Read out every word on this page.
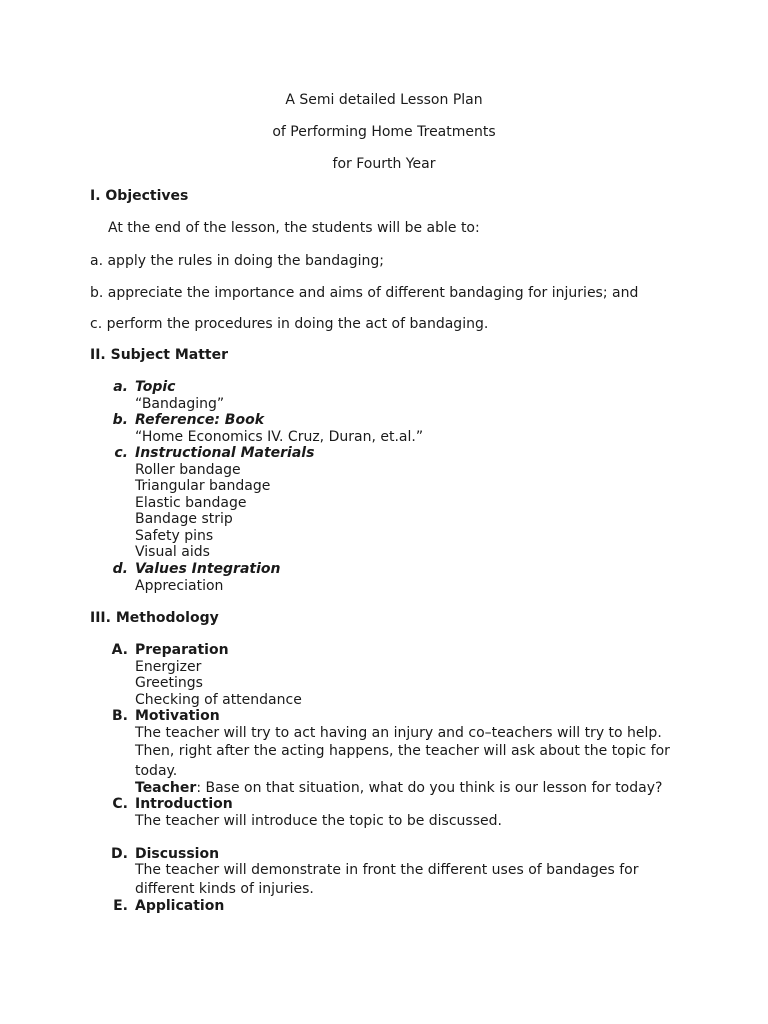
A Semi detailed Lesson Plan
of Performing Home Treatments
for Fourth Year
I. Objectives
At the end of the lesson, the students will be able to:
a. apply the rules in doing the bandaging;
b. appreciate the importance and aims of different bandaging for injuries; and
c. perform the procedures in doing the act of bandaging.
II. Subject Matter
a. Topic
“Bandaging”
b. Reference: Book
“Home Economics IV. Cruz, Duran, et.al.”
c. Instructional Materials
Roller bandage
Triangular bandage
Elastic bandage
Bandage strip
Safety pins
Visual aids
d. Values Integration
Appreciation
III. Methodology
A. Preparation
Energizer
Greetings
Checking of attendance
B. Motivation
The teacher will try to act having an injury and co–teachers will try to help.
Then, right after the acting happens, the teacher will ask about the topic for
today.
Teacher: Base on that situation, what do you think is our lesson for today?
C. Introduction
The teacher will introduce the topic to be discussed.
D. Discussion
The teacher will demonstrate in front the different uses of bandages for
different kinds of injuries.
E. Application
